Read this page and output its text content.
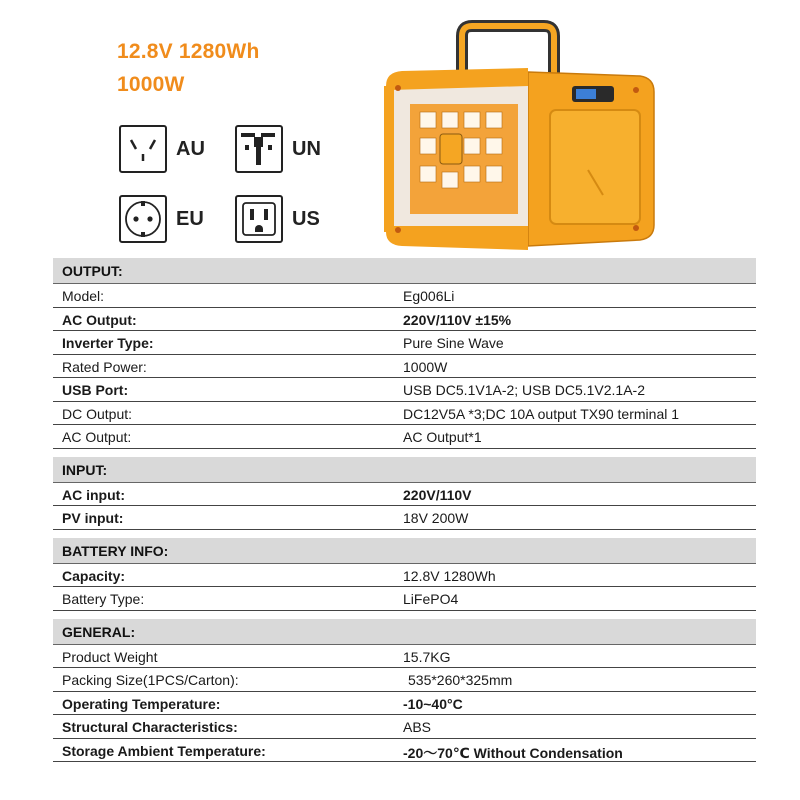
12.8V 1280Wh
1000W
AU	UN
EU	US
OUTPUT:
Model:	Eg006Li
AC Output:	220V/110V ±15%
Inverter Type:	Pure Sine Wave
Rated Power:	1000W
USB Port:	USB DC5.1V1A-2; USB DC5.1V2.1A-2
DC Output:	DC12V5A *3;DC 10A output TX90 terminal 1
AC Output:	AC Output*1
INPUT:
AC input:	220V/110V
PV input:	18V 200W
BATTERY INFO:
Capacity:	12.8V 1280Wh
Battery Type:	LiFePO4
GENERAL:
Product Weight	15.7KG
Packing Size(1PCS/Carton):	535*260*325mm
Operating Temperature:	-10~40°C
Structural Characteristics:	ABS
Storage Ambient Temperature:	-20～70℃ Without Condensation
